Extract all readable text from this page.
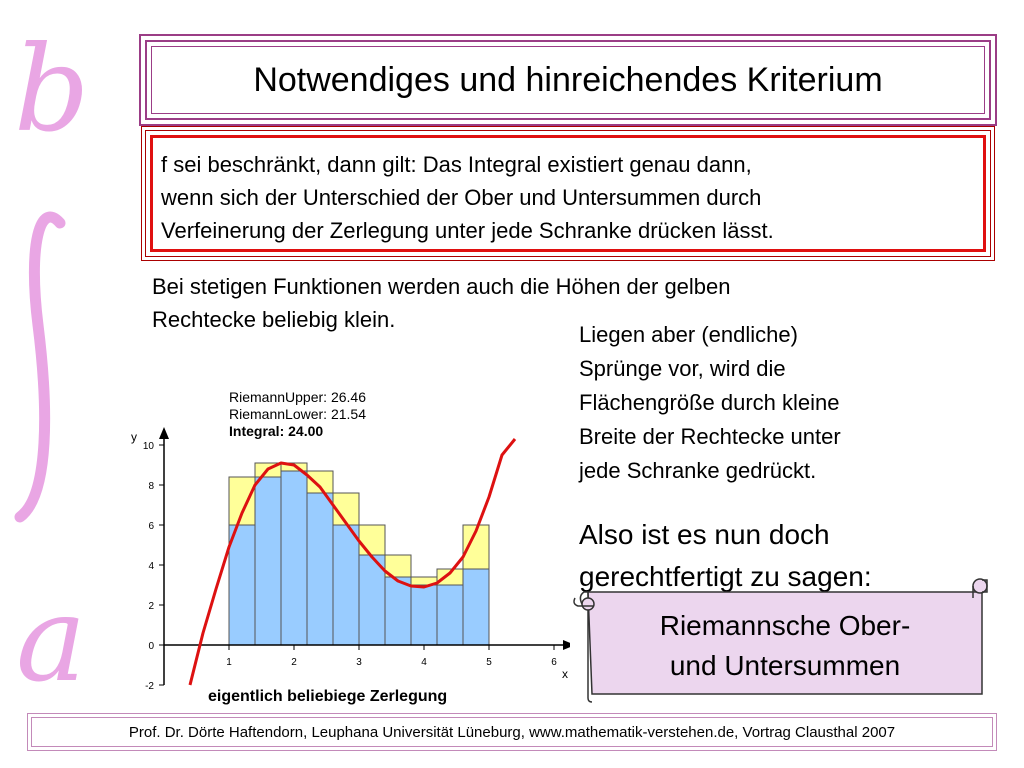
b
a
Notwendiges und hinreichendes Kriterium
f sei beschränkt, dann gilt: Das Integral existiert genau dann,
wenn sich der Unterschied der Ober und Untersummen durch
Verfeinerung der Zerlegung unter jede Schranke drücken lässt.
Bei stetigen Funktionen werden auch die Höhen der gelben
Rechtecke beliebig klein.
Liegen aber (endliche)
Sprünge vor, wird die
Flächengröße durch kleine
Breite der Rechtecke unter
jede Schranke gedrückt.
Also ist es nun doch
gerechtfertigt zu sagen:
Riemannsche Ober-
und Untersummen
1	2	3	4	5	6
-2
0
2
4
6
8
10
x
y
RiemannUpper: 26.46
RiemannLower: 21.54
Integral: 24.00
eigentlich beliebiege Zerlegung
Prof. Dr. Dörte Haftendorn, Leuphana Universität Lüneburg, www.mathematik-verstehen.de, Vortrag Clausthal 2007
